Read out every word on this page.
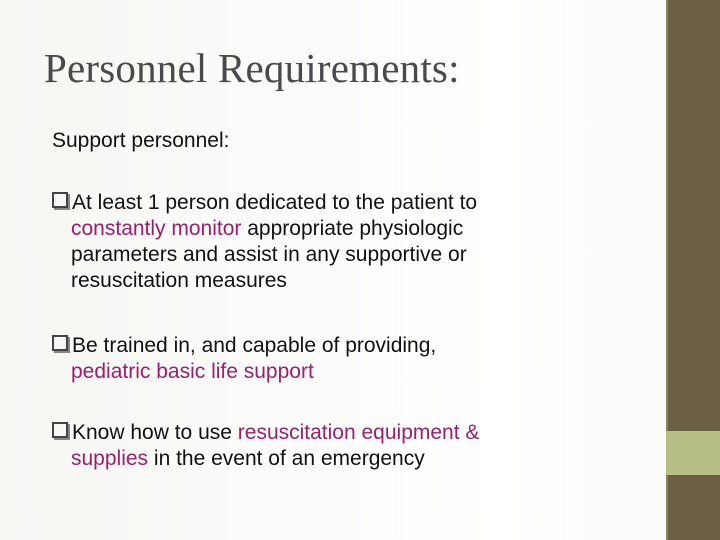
Personnel Requirements:

Support personnel:

At least 1 person dedicated to the patient to
constantly monitor appropriate physiologic
parameters and assist in any supportive or
resuscitation measures
Be trained in, and capable of providing,
pediatric basic life support
Know how to use resuscitation equipment &
supplies in the event of an emergency
